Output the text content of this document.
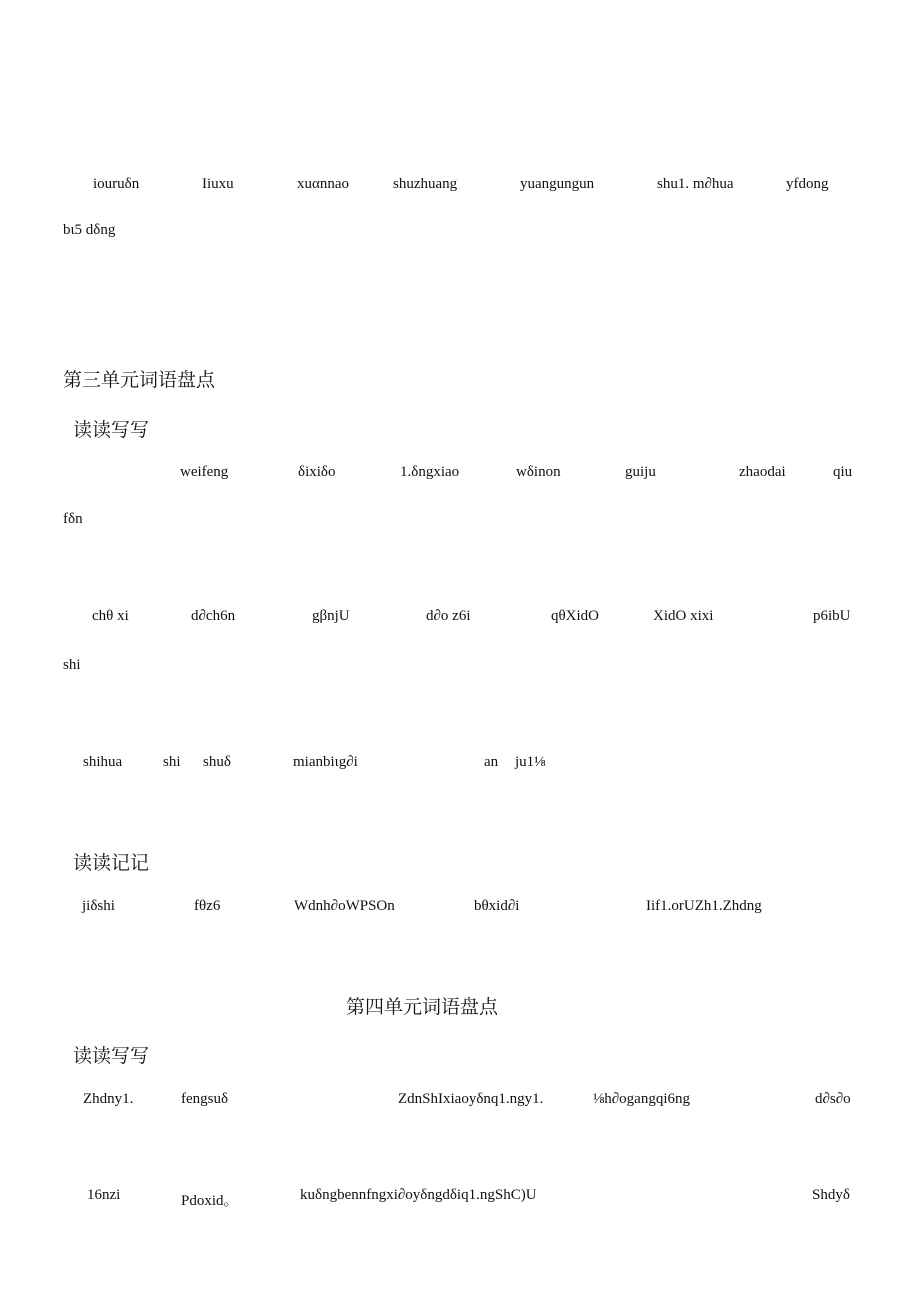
iouruδn	Iiuxu	xuαnnao	shuzhuang	yuangungun	shu1. m∂hua	yfdong
bι5 dδng
第三单元词语盘点
读读写写
weifeng	δixiδo	1.δngxiao	wδinon	guiju	zhaodai	qiu
fδn
chθ xi	d∂ch6n	gβnjU	d∂o z6i	qθXidO	XidO xixi	p6ibU
shi
shihua	shi shuδ	mianbiιg∂i	an ju1⅛
读读记记
jiδshi	fθz6	Wdnh∂oWPSOn	bθxid∂i	Iif1.orUZh1.Zhdng
第四单元词语盘点
读读写写
Zhdny1.	fengsuδ	ZdnShIxiaoyδnq1.ngy1.	⅛h∂ogangqi6ng	d∂s∂o
16nzi	Pdoxid。	kuδngbennfngxi∂oyδngdδiq1.ngShC)U	Shdyδ
